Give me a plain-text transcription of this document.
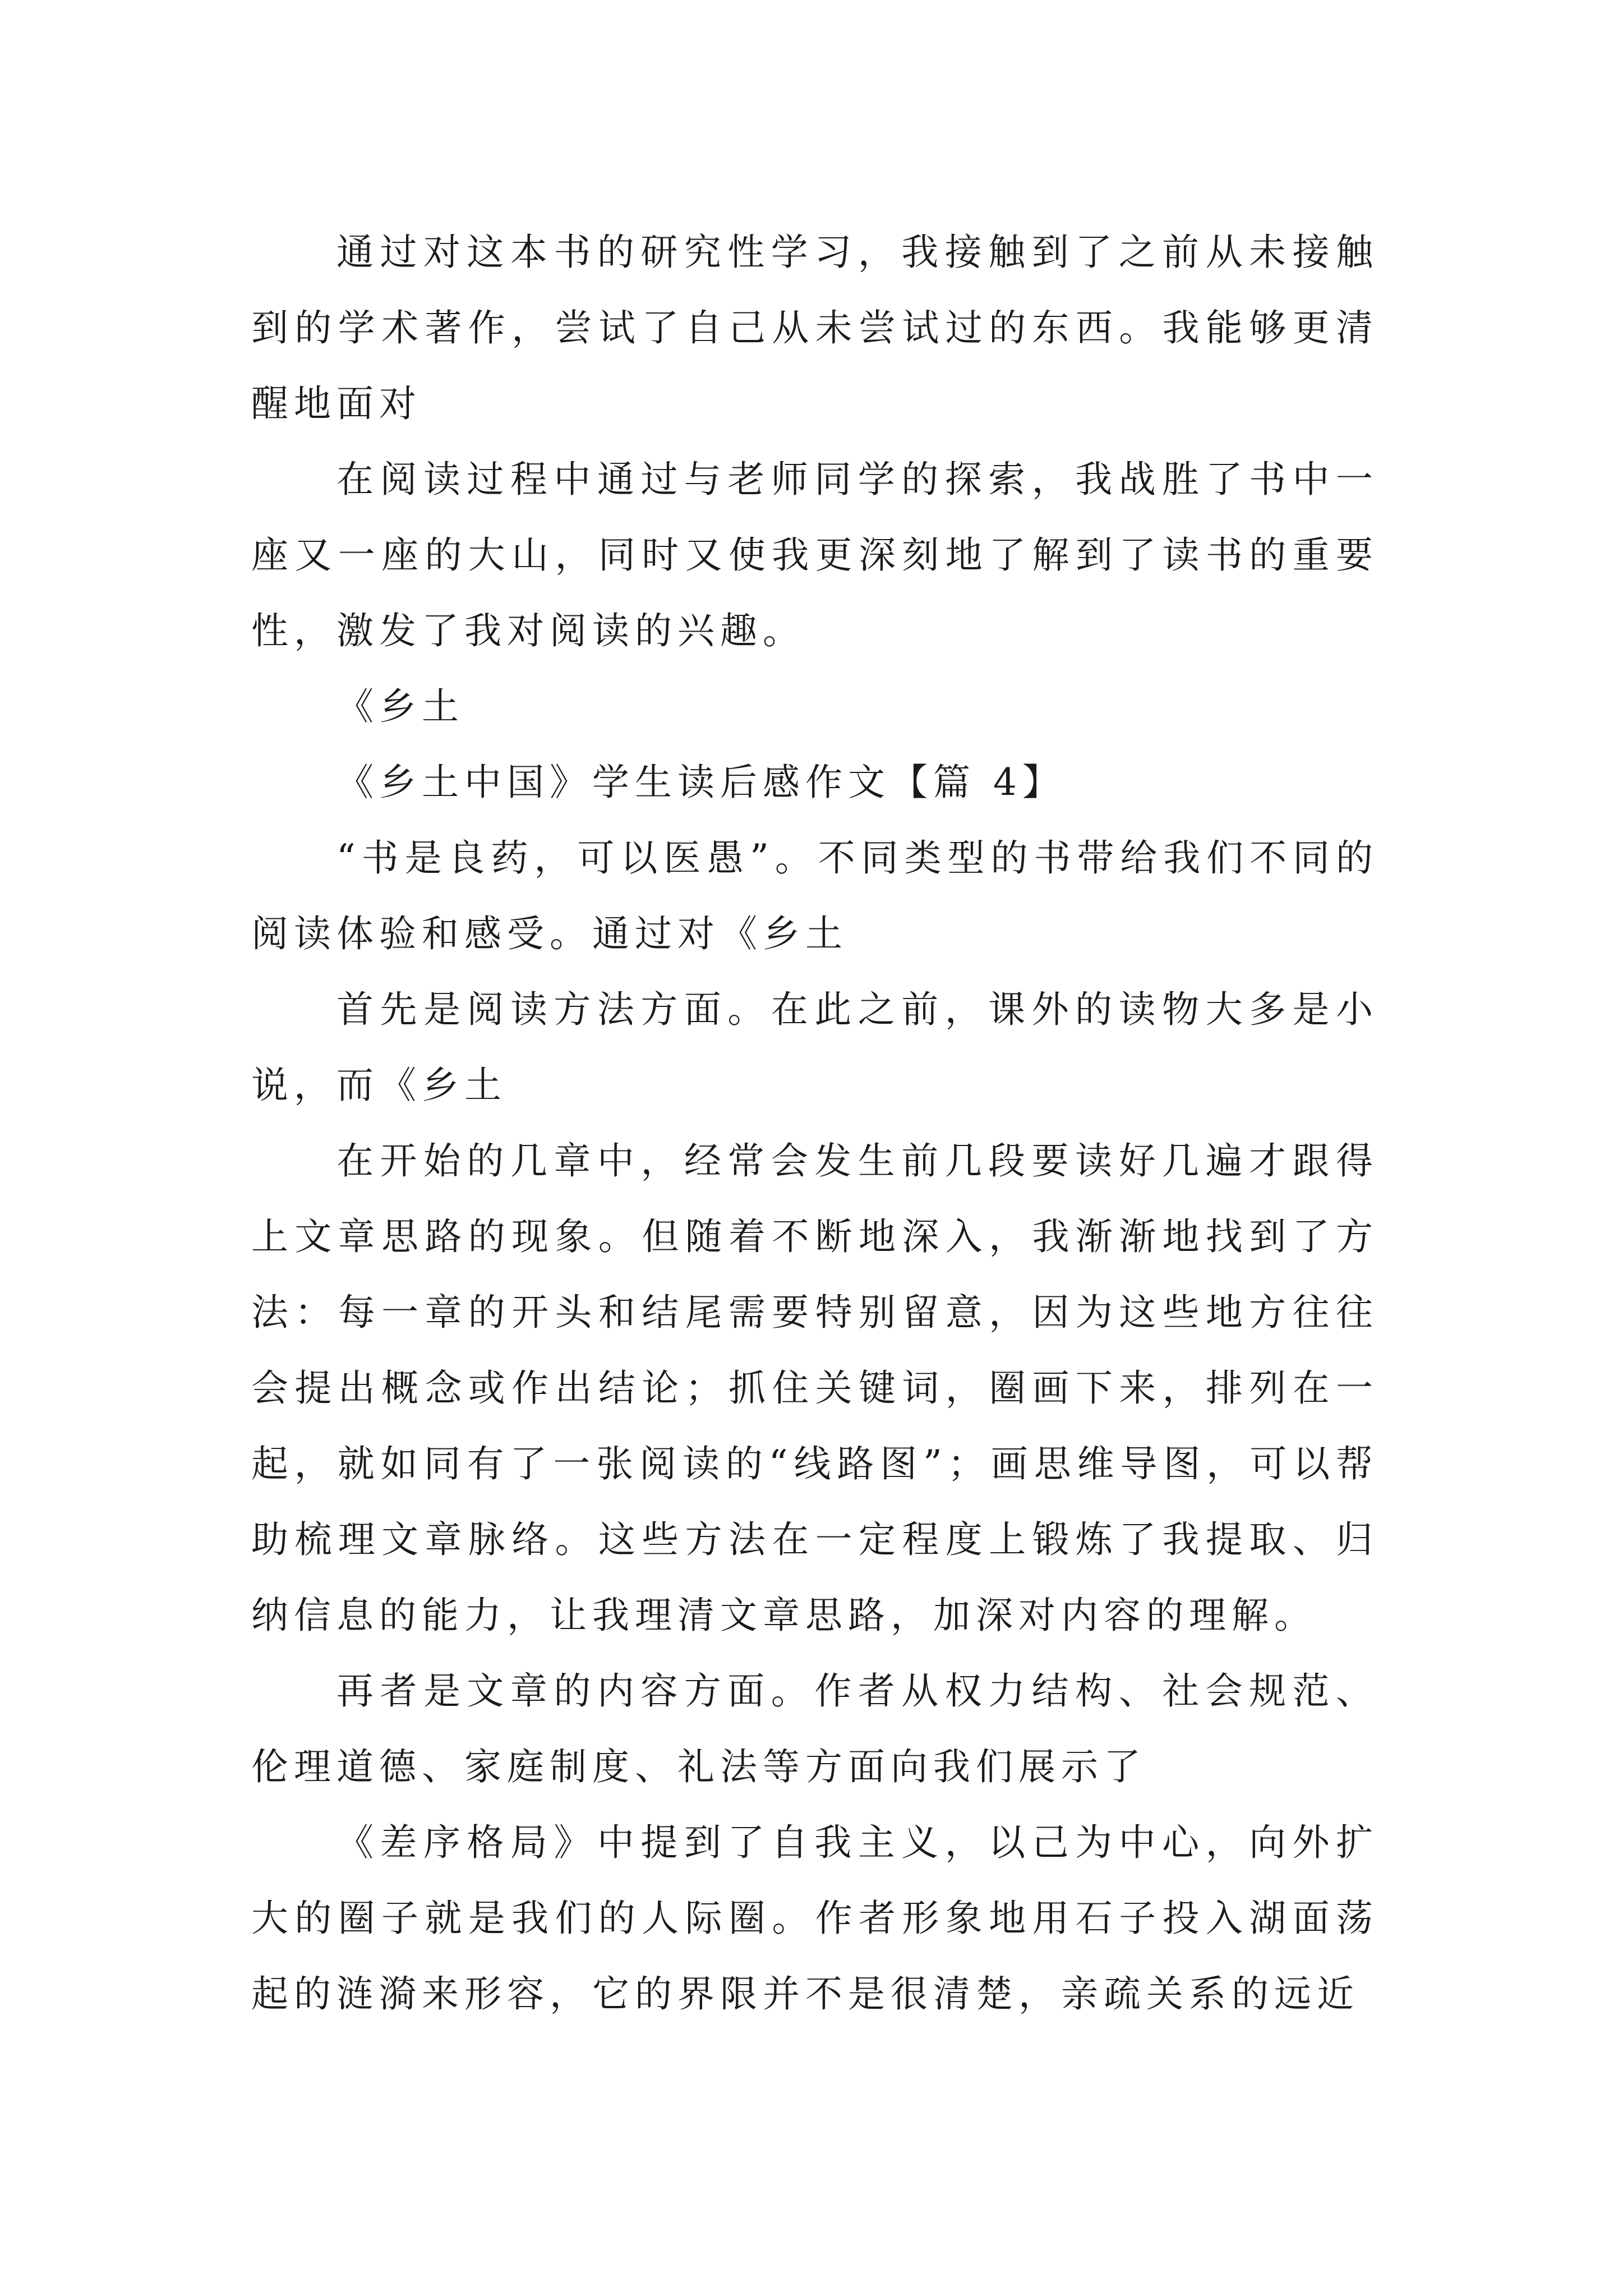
通过对这本书的研究性学习，我接触到了之前从未接触到的学术著作，尝试了自己从未尝试过的东西。我能够更清醒地面对

在阅读过程中通过与老师同学的探索，我战胜了书中一座又一座的大山，同时又使我更深刻地了解到了读书的重要性，激发了我对阅读的兴趣。

《乡土

《乡土中国》学生读后感作文【篇 4】

“书是良药，可以医愚”。不同类型的书带给我们不同的阅读体验和感受。通过对《乡土

首先是阅读方法方面。在此之前，课外的读物大多是小说，而《乡土

在开始的几章中，经常会发生前几段要读好几遍才跟得上文章思路的现象。但随着不断地深入，我渐渐地找到了方法：每一章的开头和结尾需要特别留意，因为这些地方往往会提出概念或作出结论；抓住关键词，圈画下来，排列在一起，就如同有了一张阅读的“线路图”；画思维导图，可以帮助梳理文章脉络。这些方法在一定程度上锻炼了我提取、归纳信息的能力，让我理清文章思路，加深对内容的理解。

再者是文章的内容方面。作者从权力结构、社会规范、伦理道德、家庭制度、礼法等方面向我们展示了

《差序格局》中提到了自我主义，以己为中心，向外扩大的圈子就是我们的人际圈。作者形象地用石子投入湖面荡起的涟漪来形容，它的界限并不是很清楚，亲疏关系的远近
